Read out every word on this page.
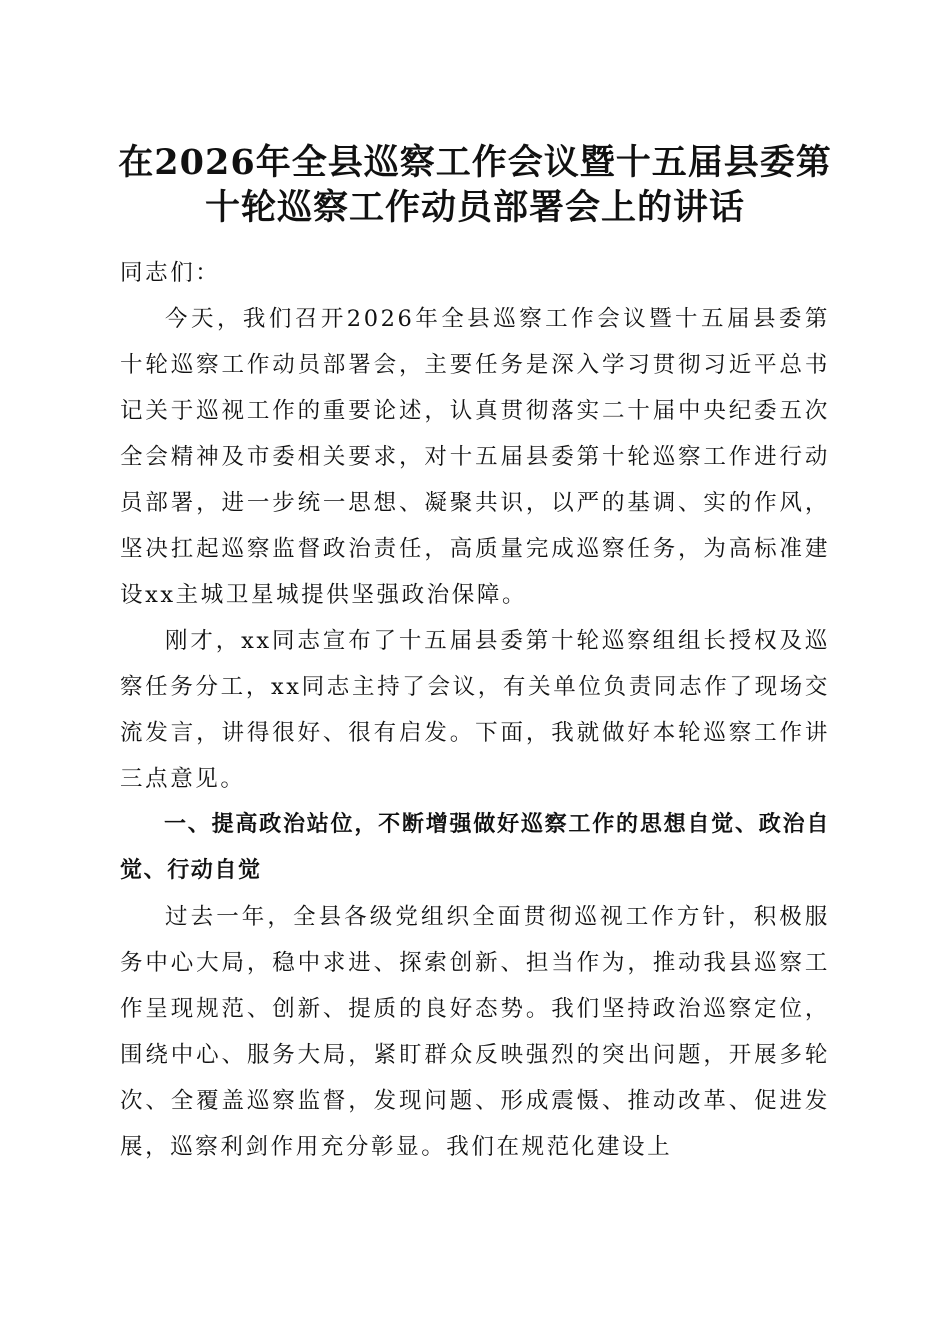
在2026年全县巡察工作会议暨十五届县委第
十轮巡察工作动员部署会上的讲话

同志们：

今天，我们召开2026年全县巡察工作会议暨十五届县委第十轮巡察工作动员部署会，主要任务是深入学习贯彻习近平总书记关于巡视工作的重要论述，认真贯彻落实二十届中央纪委五次全会精神及市委相关要求，对十五届县委第十轮巡察工作进行动员部署，进一步统一思想、凝聚共识，以严的基调、实的作风，坚决扛起巡察监督政治责任，高质量完成巡察任务，为高标准建设xx主城卫星城提供坚强政治保障。

刚才，xx同志宣布了十五届县委第十轮巡察组组长授权及巡察任务分工，xx同志主持了会议，有关单位负责同志作了现场交流发言，讲得很好、很有启发。下面，我就做好本轮巡察工作讲三点意见。

一、提高政治站位，不断增强做好巡察工作的思想自觉、政治自觉、行动自觉

过去一年，全县各级党组织全面贯彻巡视工作方针，积极服务中心大局，稳中求进、探索创新、担当作为，推动我县巡察工作呈现规范、创新、提质的良好态势。我们坚持政治巡察定位，围绕中心、服务大局，紧盯群众反映强烈的突出问题，开展多轮次、全覆盖巡察监督，发现问题、形成震慑、推动改革、促进发展，巡察利剑作用充分彰显。我们在规范化建设上
